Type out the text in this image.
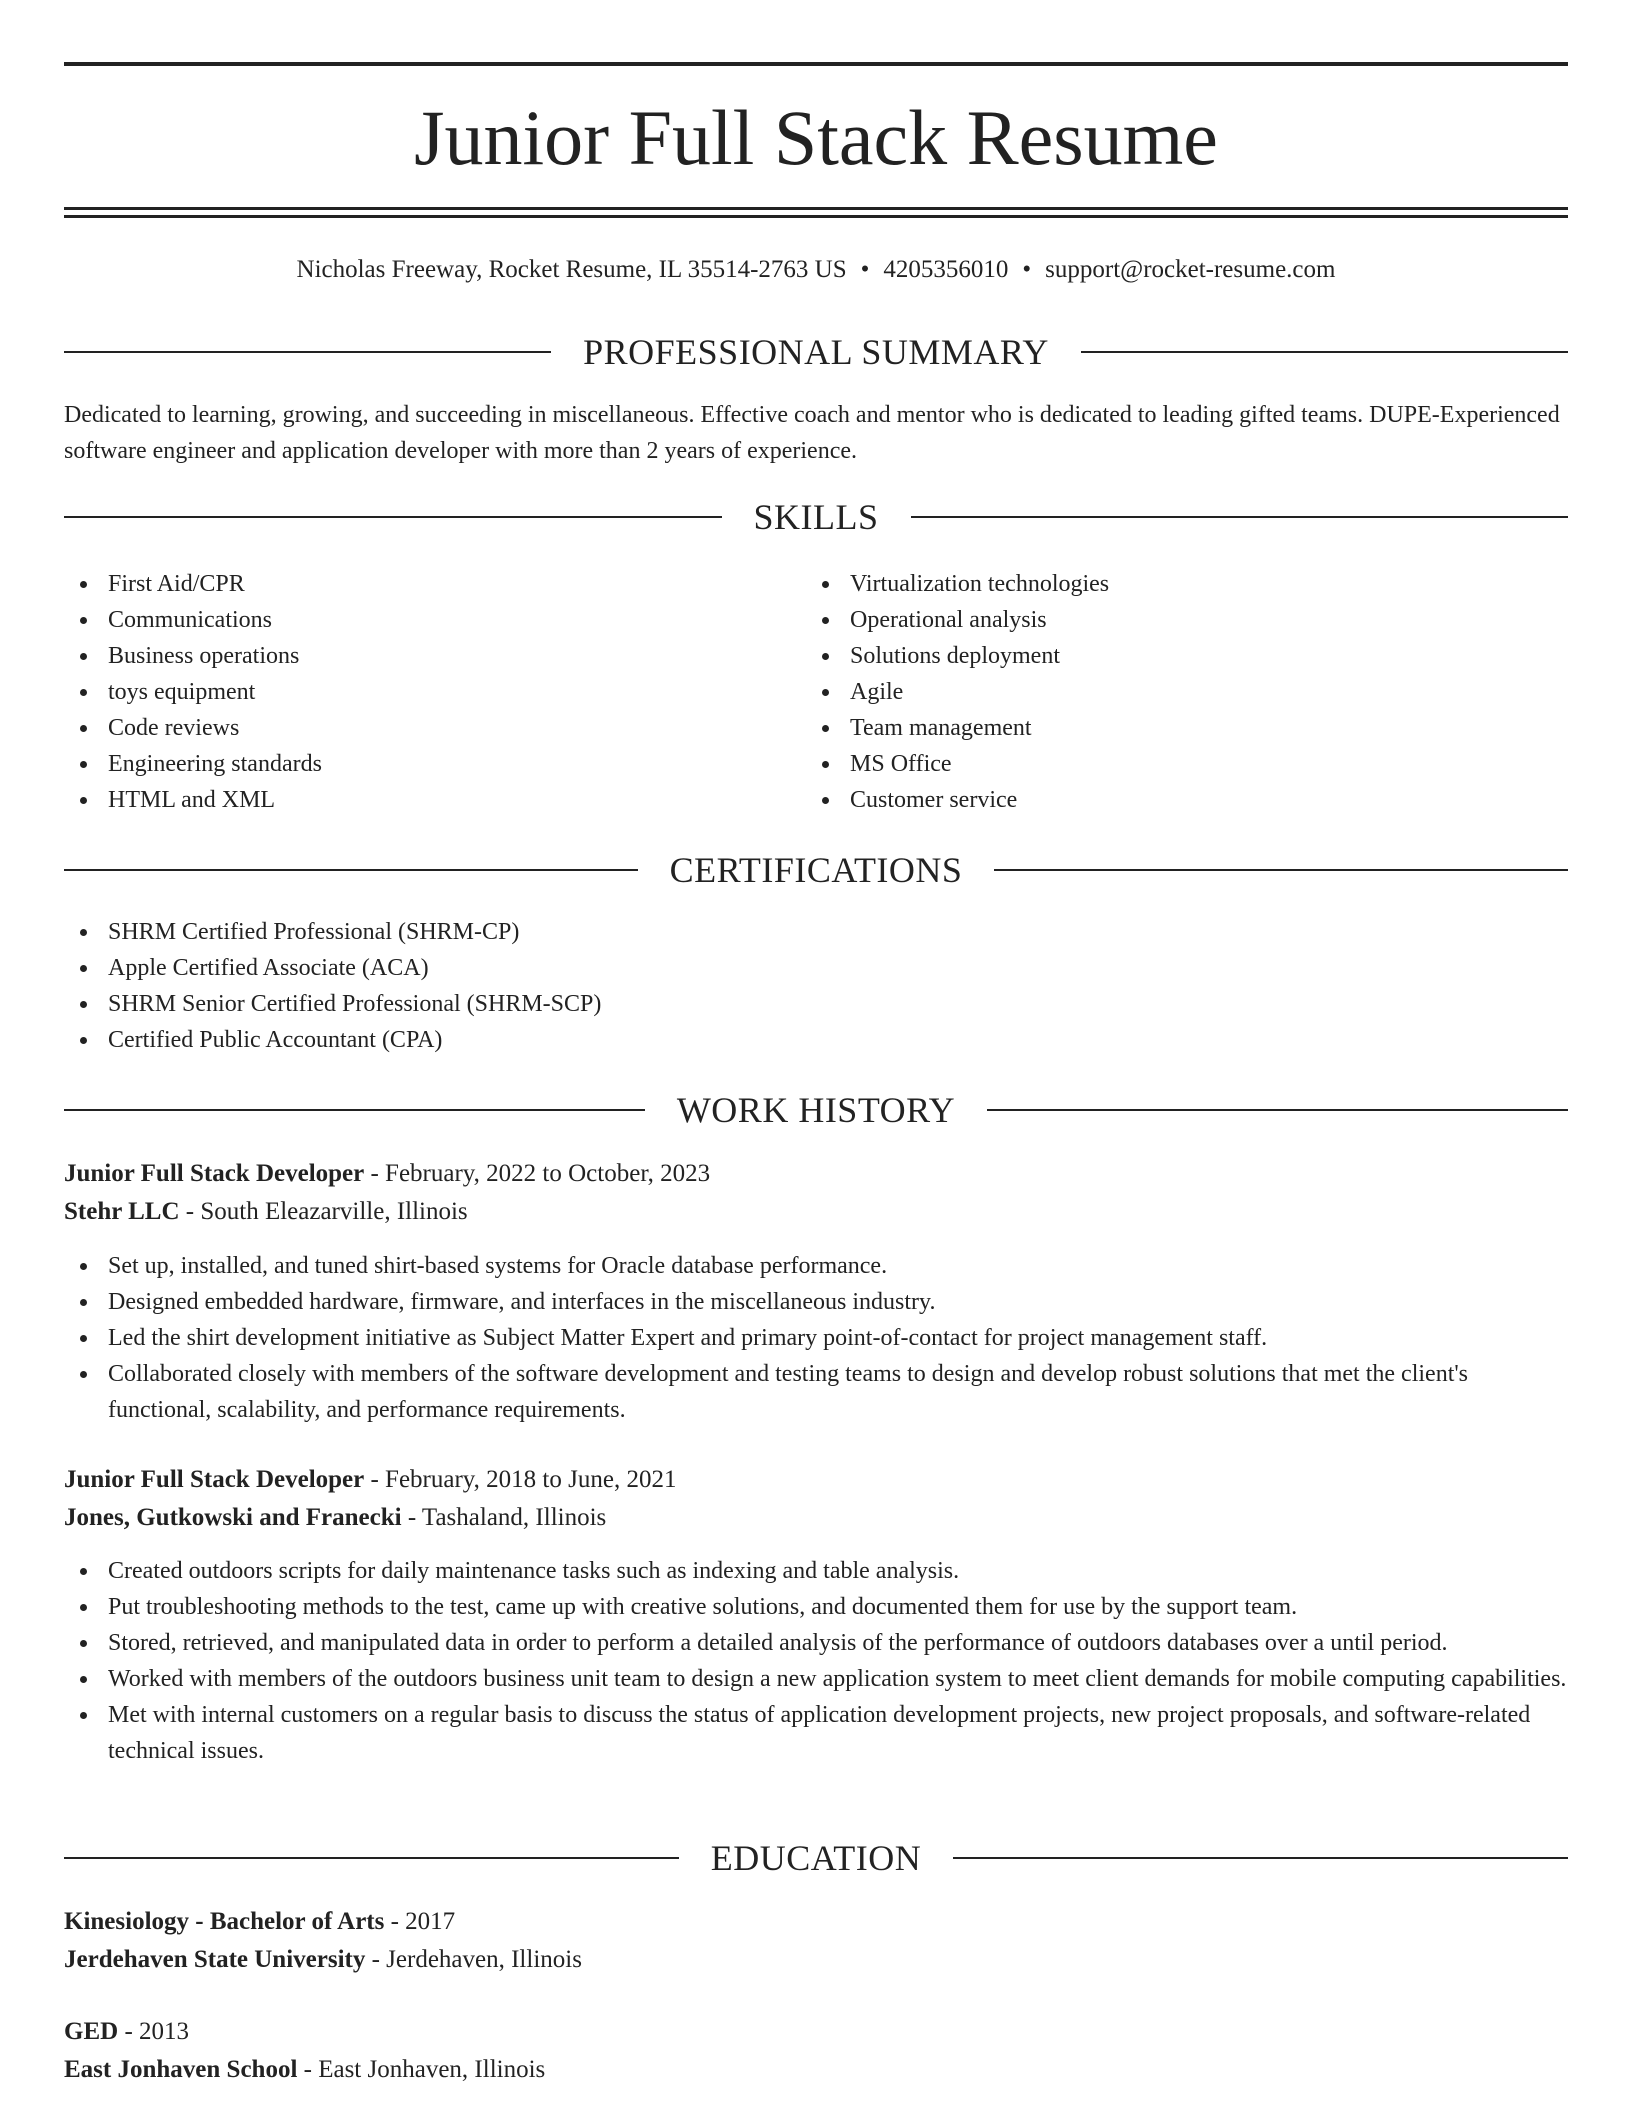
Junior Full Stack Resume
Nicholas Freeway, Rocket Resume, IL 35514-2763 US • 4205356010 • support@rocket-resume.com
PROFESSIONAL SUMMARY
Dedicated to learning, growing, and succeeding in miscellaneous. Effective coach and mentor who is dedicated to leading gifted teams. DUPE-Experienced software engineer and application developer with more than 2 years of experience.
SKILLS
First Aid/CPR
Communications
Business operations
toys equipment
Code reviews
Engineering standards
HTML and XML
Virtualization technologies
Operational analysis
Solutions deployment
Agile
Team management
MS Office
Customer service
CERTIFICATIONS
SHRM Certified Professional (SHRM-CP)
Apple Certified Associate (ACA)
SHRM Senior Certified Professional (SHRM-SCP)
Certified Public Accountant (CPA)
WORK HISTORY
Junior Full Stack Developer - February, 2022 to October, 2023
Stehr LLC - South Eleazarville, Illinois
Set up, installed, and tuned shirt-based systems for Oracle database performance.
Designed embedded hardware, firmware, and interfaces in the miscellaneous industry.
Led the shirt development initiative as Subject Matter Expert and primary point-of-contact for project management staff.
Collaborated closely with members of the software development and testing teams to design and develop robust solutions that met the client's functional, scalability, and performance requirements.
Junior Full Stack Developer - February, 2018 to June, 2021
Jones, Gutkowski and Franecki - Tashaland, Illinois
Created outdoors scripts for daily maintenance tasks such as indexing and table analysis.
Put troubleshooting methods to the test, came up with creative solutions, and documented them for use by the support team.
Stored, retrieved, and manipulated data in order to perform a detailed analysis of the performance of outdoors databases over a until period.
Worked with members of the outdoors business unit team to design a new application system to meet client demands for mobile computing capabilities.
Met with internal customers on a regular basis to discuss the status of application development projects, new project proposals, and software-related technical issues.
EDUCATION
Kinesiology - Bachelor of Arts - 2017
Jerdehaven State University - Jerdehaven, Illinois
GED - 2013
East Jonhaven School - East Jonhaven, Illinois
